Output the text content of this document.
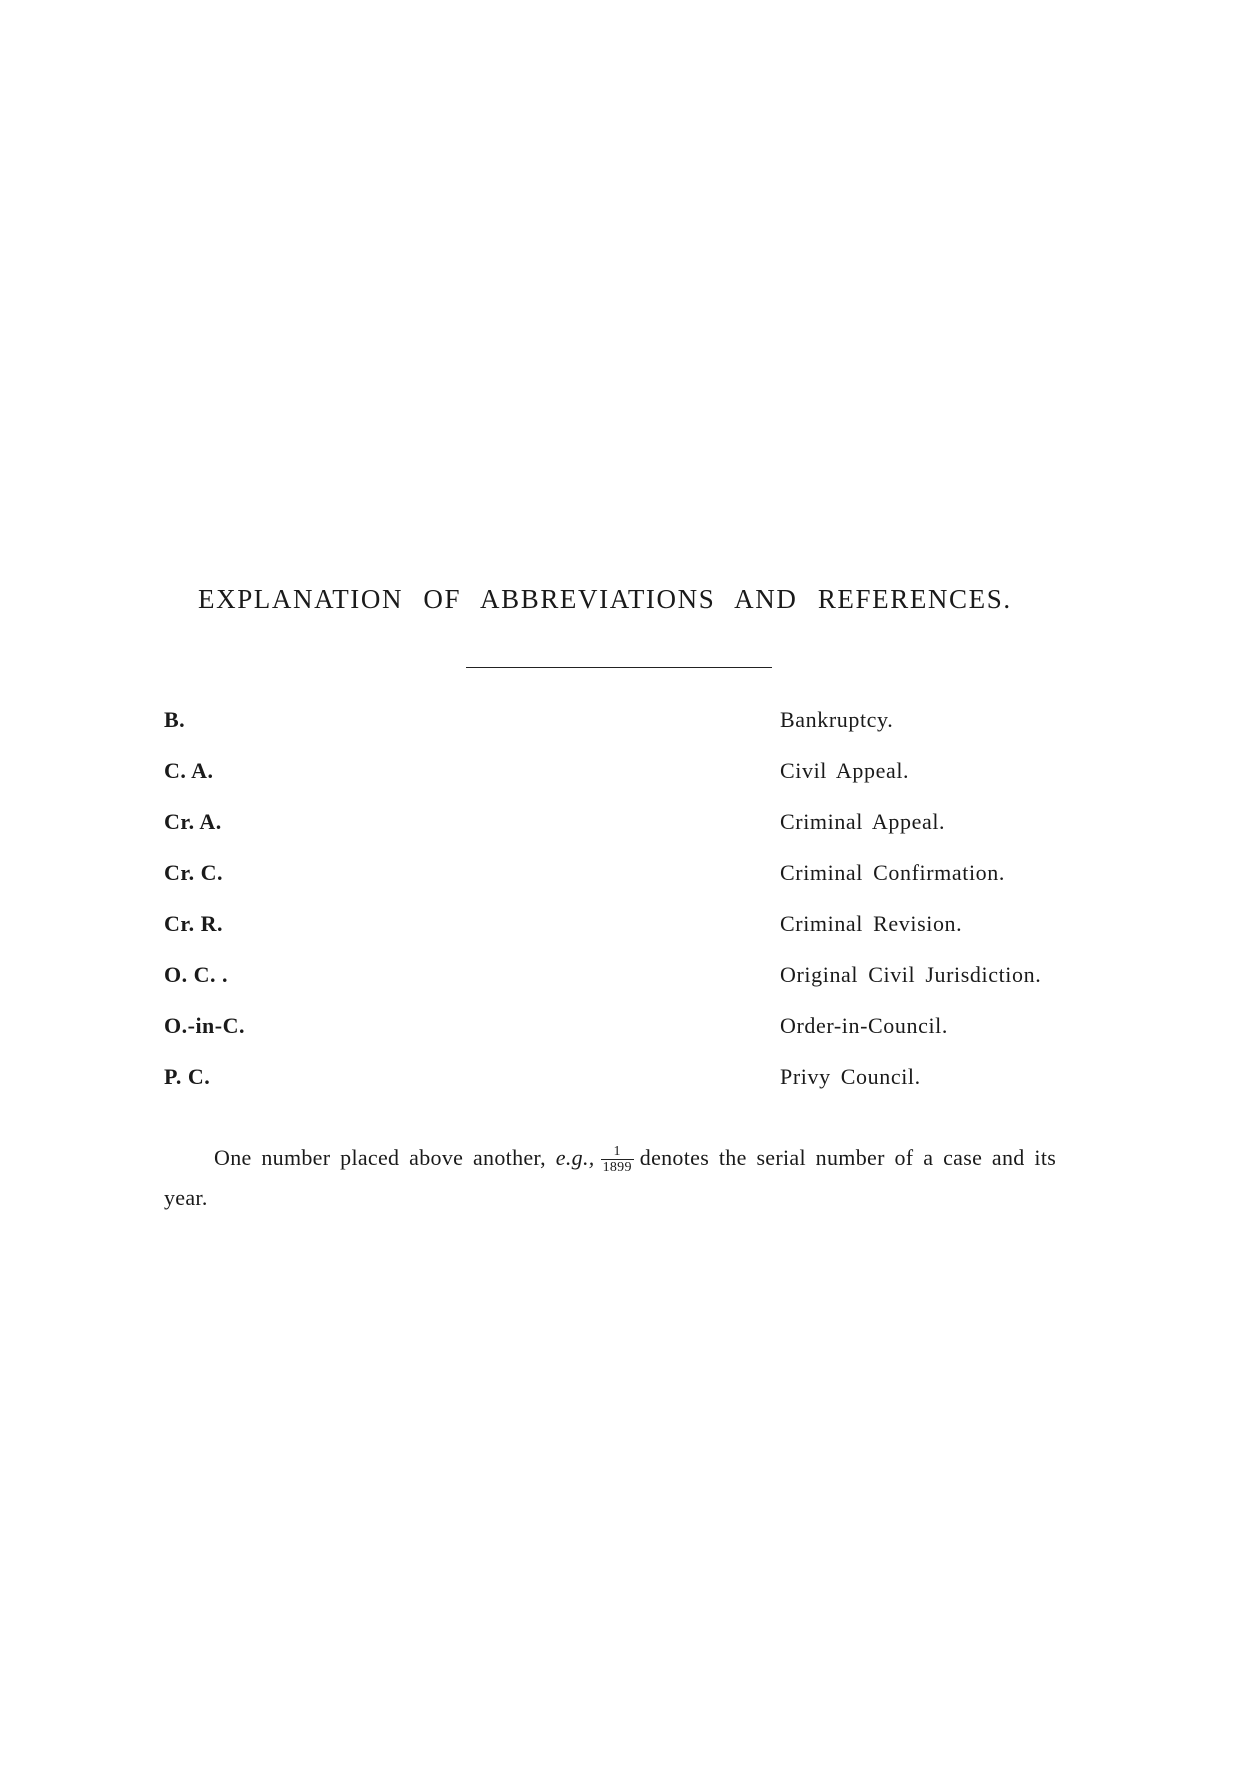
EXPLANATION OF ABBREVIATIONS AND REFERENCES.
B.	Bankruptcy.
C. A.	Civil Appeal.
Cr. A.	Criminal Appeal.
Cr. C.	Criminal Confirmation.
Cr. R.	Criminal Revision.
O. C. .	Original Civil Jurisdiction.
O.-in-C.	Order-in-Council.
P. C.	Privy Council.

One number placed above another, e.g., $\frac{1}{1899}$ denotes the serial number of a case and its year.
